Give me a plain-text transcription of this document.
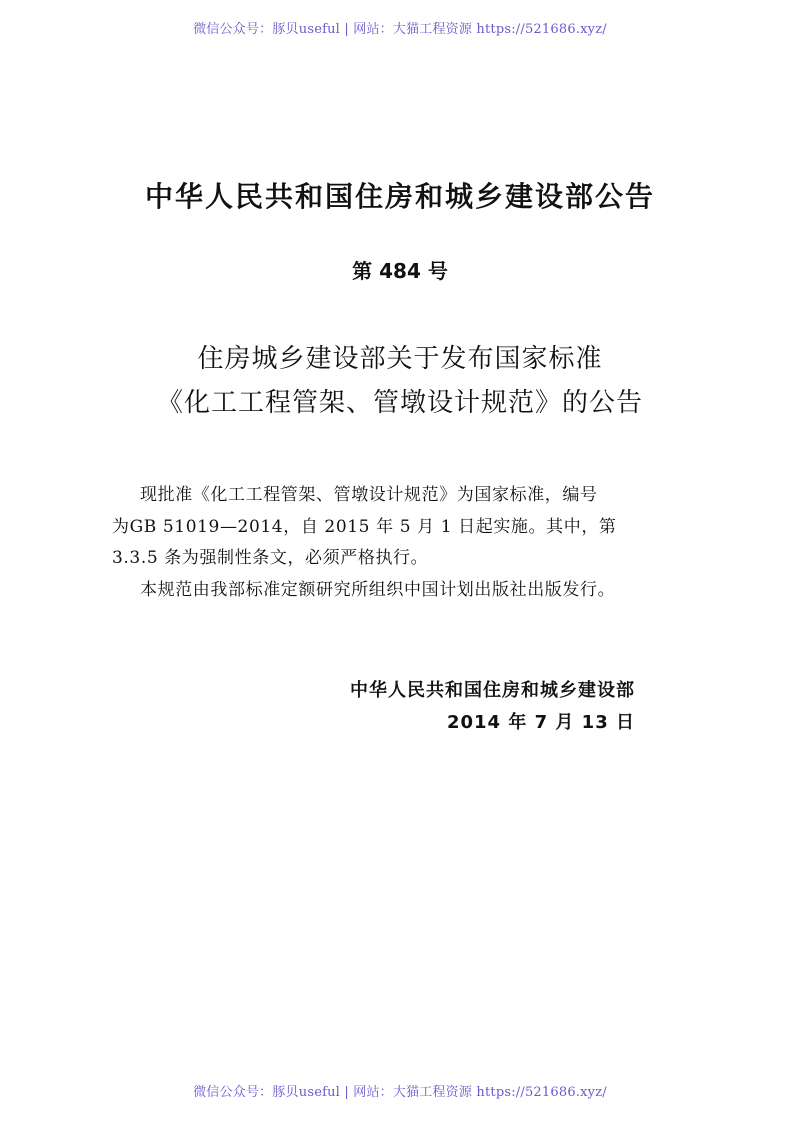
微信公众号：豚贝useful | 网站：大猫工程资源 https://521686.xyz/
中华人民共和国住房和城乡建设部公告
第 484 号
住房城乡建设部关于发布国家标准
《化工工程管架、管墩设计规范》的公告
现批准《化工工程管架、管墩设计规范》为国家标准，编号
为GB 51019—2014，自 2015 年 5 月 1 日起实施。其中，第
3.3.5 条为强制性条文，必须严格执行。
本规范由我部标准定额研究所组织中国计划出版社出版发行。
中华人民共和国住房和城乡建设部
2014 年 7 月 13 日
微信公众号：豚贝useful | 网站：大猫工程资源 https://521686.xyz/
